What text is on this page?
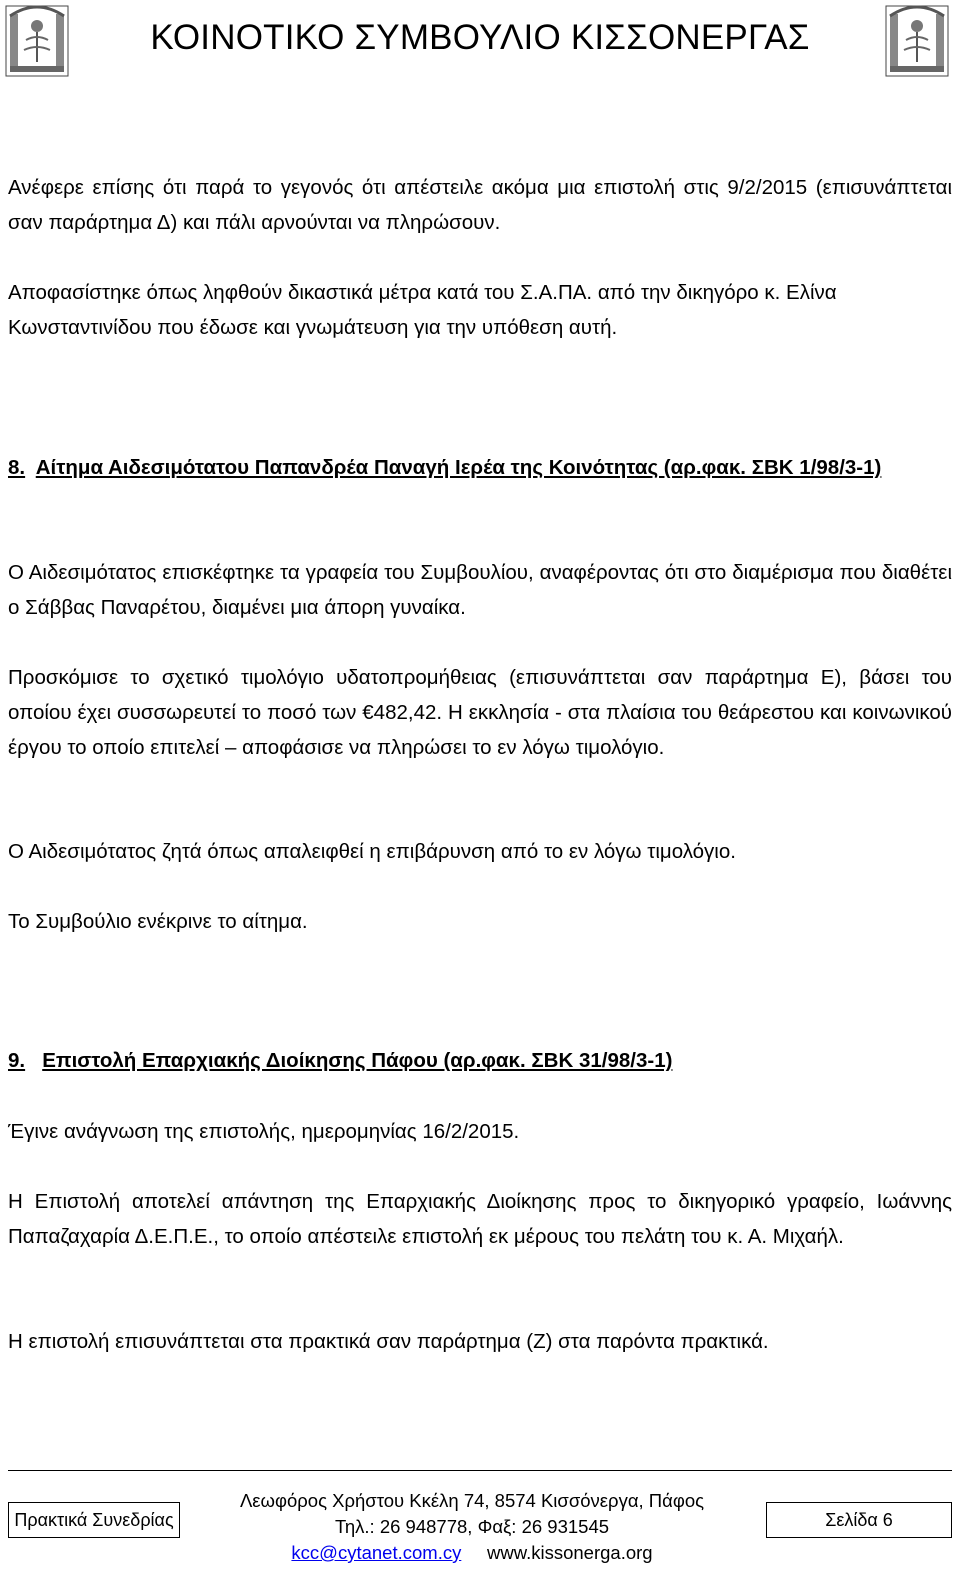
ΚΟΙΝΟΤΙΚΟ ΣΥΜΒΟΥΛΙΟ ΚΙΣΣΟΝΕΡΓΑΣ

Ανέφερε επίσης ότι παρά το γεγονός ότι απέστειλε ακόμα μια επιστολή στις 9/2/2015 (επισυνάπτεται σαν παράρτημα Δ) και πάλι αρνούνται να πληρώσουν.

Αποφασίστηκε όπως ληφθούν δικαστικά μέτρα κατά του Σ.Α.ΠΑ. από την δικηγόρο κ. Ελίνα Κωνσταντινίδου που έδωσε και γνωμάτευση για την υπόθεση αυτή.

8. Αίτημα Αιδεσιμότατου Παπανδρέα Παναγή Ιερέα της Κοινότητας (αρ.φακ. ΣΒΚ 1/98/3-1)

Ο Αιδεσιμότατος επισκέφτηκε τα γραφεία του Συμβουλίου, αναφέροντας ότι στο διαμέρισμα που διαθέτει ο Σάββας Παναρέτου, διαμένει μια άπορη γυναίκα.

Προσκόμισε το σχετικό τιμολόγιο υδατοπρομήθειας (επισυνάπτεται σαν παράρτημα Ε), βάσει του οποίου έχει συσσωρευτεί το ποσό των €482,42. Η εκκλησία - στα πλαίσια του θεάρεστου και κοινωνικού έργου το οποίο επιτελεί – αποφάσισε να πληρώσει το εν λόγω τιμολόγιο.

Ο Αιδεσιμότατος ζητά όπως απαλειφθεί η επιβάρυνση από το εν λόγω τιμολόγιο.

Το Συμβούλιο ενέκρινε το αίτημα.

9. Επιστολή Επαρχιακής Διοίκησης Πάφου (αρ.φακ. ΣΒΚ 31/98/3-1)

Έγινε ανάγνωση της επιστολής, ημερομηνίας 16/2/2015.

Η Επιστολή αποτελεί απάντηση της Επαρχιακής Διοίκησης προς το δικηγορικό γραφείο, Ιωάννης Παπαζαχαρία Δ.Ε.Π.Ε., το οποίο απέστειλε επιστολή εκ μέρους του πελάτη του κ. Α. Μιχαήλ.

Η επιστολή επισυνάπτεται στα πρακτικά σαν παράρτημα (Ζ) στα παρόντα πρακτικά.

Πρακτικά Συνεδρίας
Λεωφόρος Χρήστου Κκέλη 74, 8574 Κισσόνεργα, Πάφος
Τηλ.: 26 948778, Φαξ: 26 931545
kcc@cytanet.com.cy www.kissonerga.org
Σελίδα 6
